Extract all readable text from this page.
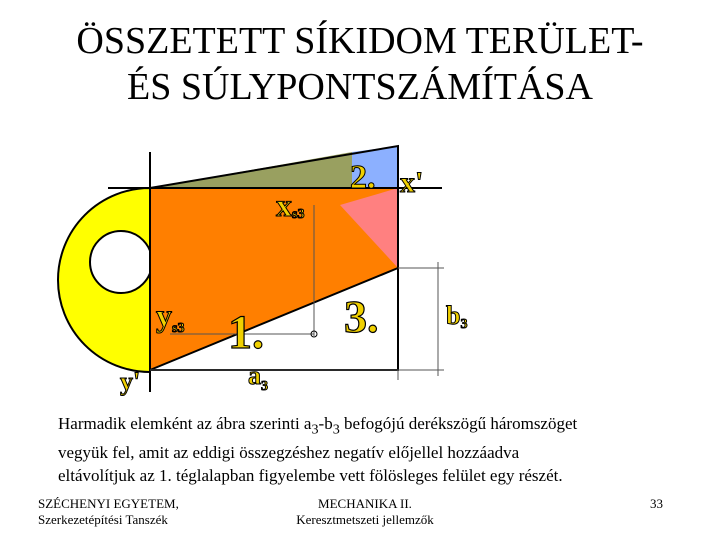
ÖSSZETETT SÍKIDOM TERÜLET-
ÉS SÚLYPONTSZÁMÍTÁSA
1.
2.
3.
x'
y'
xs3
ys3
a3
b3
Harmadik elemként az ábra szerinti $a_3-b_3$ befogójú derékszögű háromszöget
vegyük fel, amit az eddigi összegzéshez negatív előjellel hozzáadva
eltávolítjuk az 1. téglalapban figyelembe vett fölösleges felület egy részét.
SZÉCHENYI EGYETEM,
Szerkezetépítési Tanszék
MECHANIKA II.
Keresztmetszeti jellemzők
33
